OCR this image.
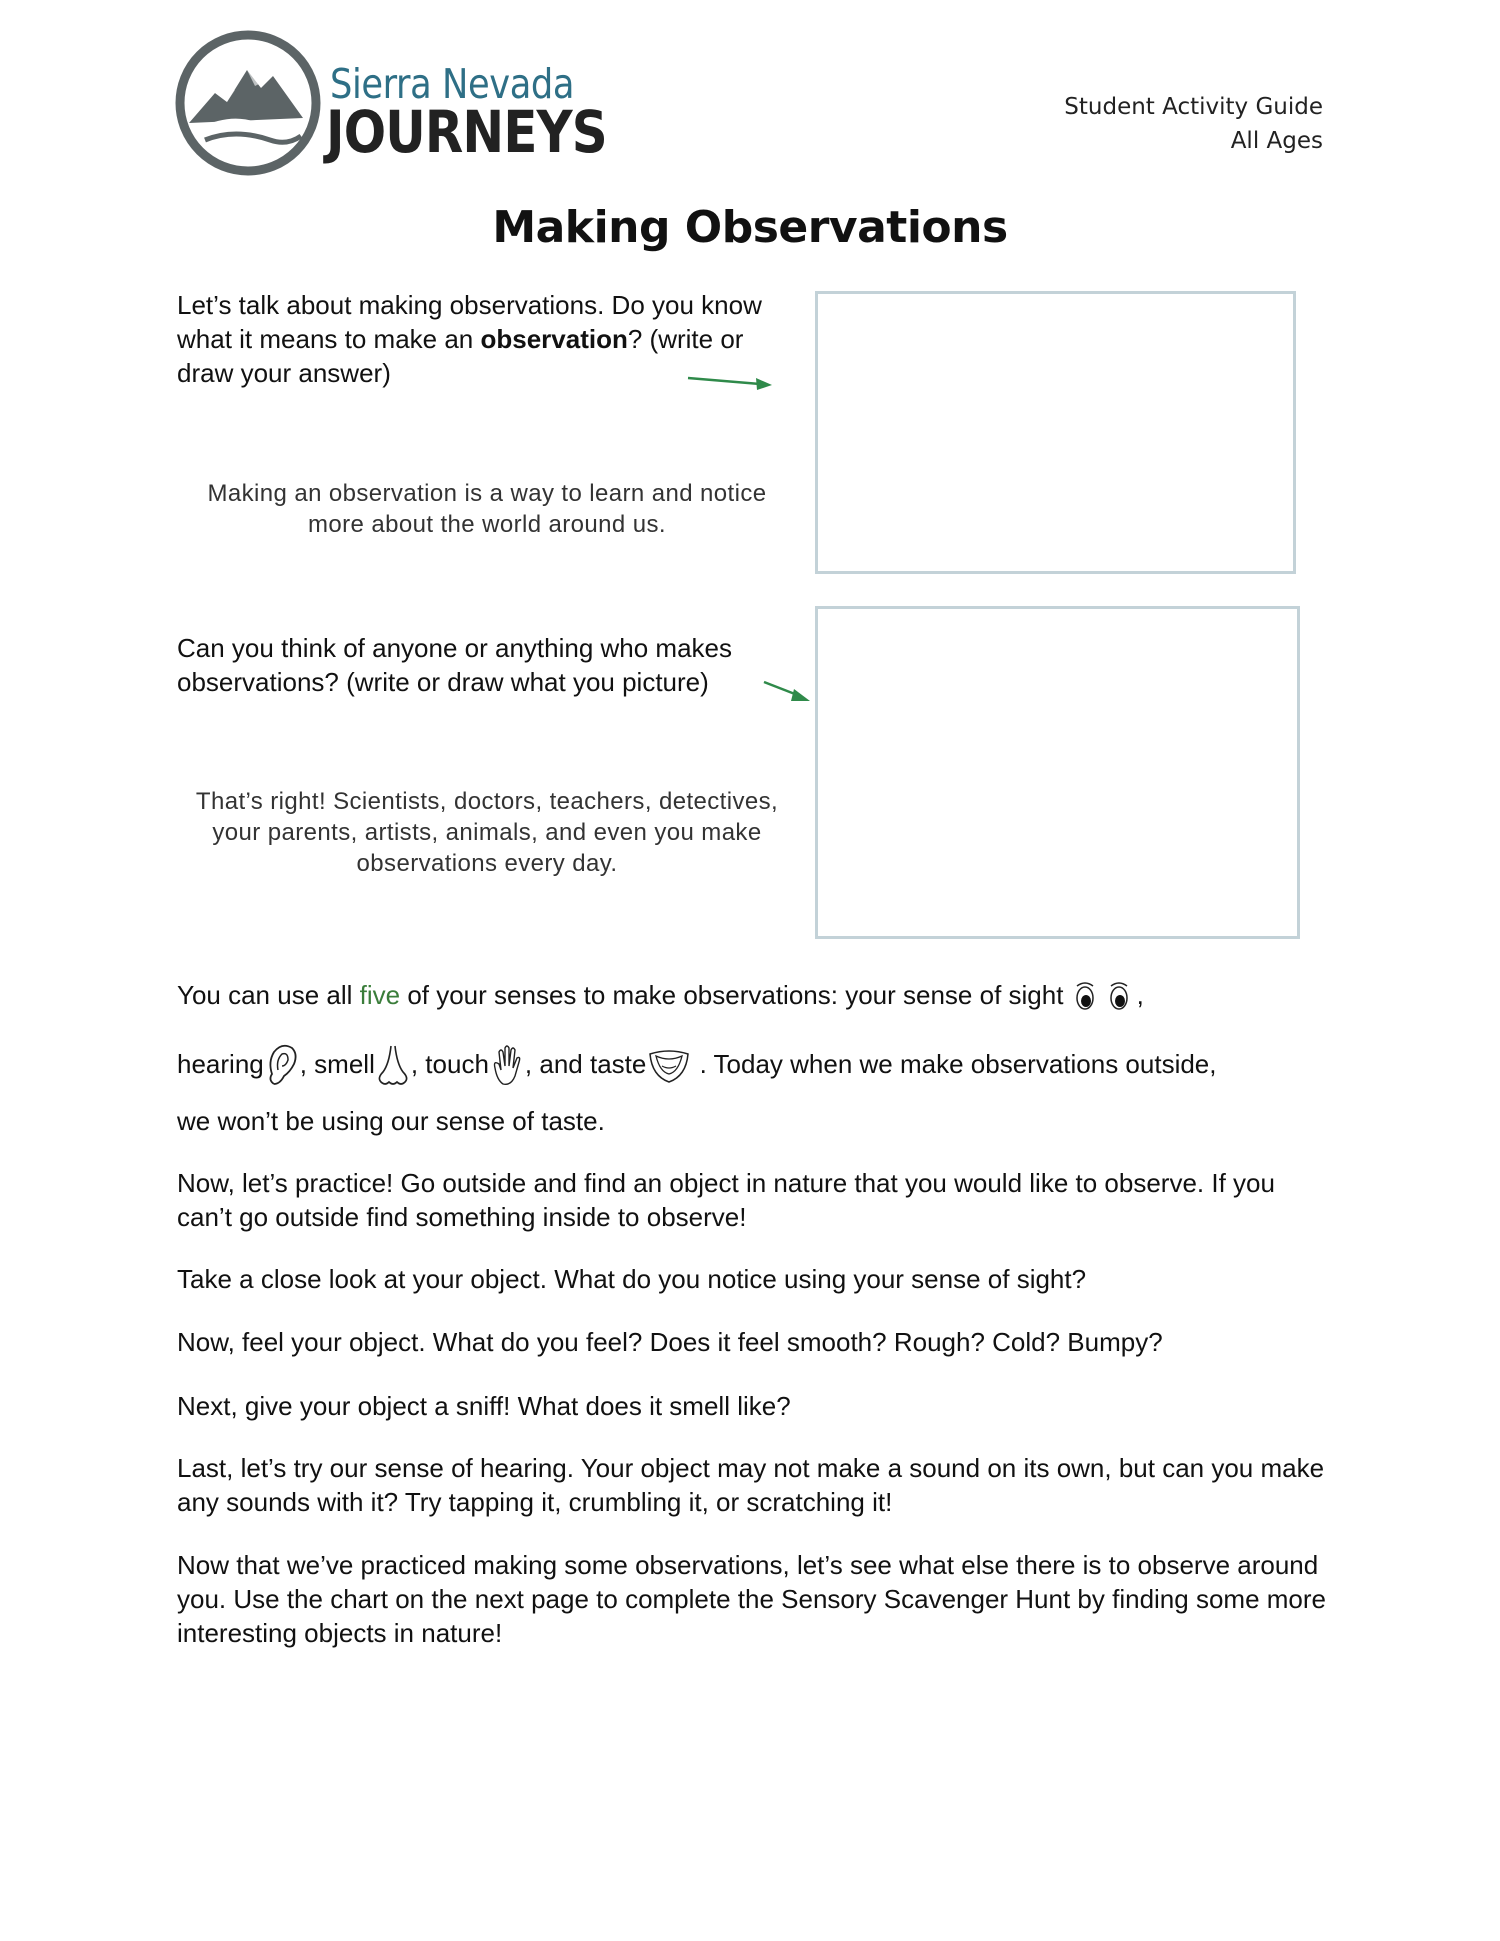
Sierra Nevada
JOURNEYS	Student Activity Guide
All Ages
Making Observations
Let’s talk about making observations. Do you know what it means to make an observation? (write or draw your answer)
Making an observation is a way to learn and notice more about the world around us.
Can you think of anyone or anything who makes observations? (write or draw what you picture)
That’s right! Scientists, doctors, teachers, detectives, your parents, artists, animals, and even you make observations every day.
You can use all five of your senses to make observations: your sense of sight	,
hearing , smell , touch , and taste . Today when we make observations outside,
we won’t be using our sense of taste.
Now, let’s practice! Go outside and find an object in nature that you would like to observe. If you can’t go outside find something inside to observe!
Take a close look at your object. What do you notice using your sense of sight?
Now, feel your object. What do you feel? Does it feel smooth? Rough? Cold? Bumpy?
Next, give your object a sniff! What does it smell like?
Last, let’s try our sense of hearing. Your object may not make a sound on its own, but can you make any sounds with it? Try tapping it, crumbling it, or scratching it!
Now that we’ve practiced making some observations, let’s see what else there is to observe around you. Use the chart on the next page to complete the Sensory Scavenger Hunt by finding some more interesting objects in nature!
